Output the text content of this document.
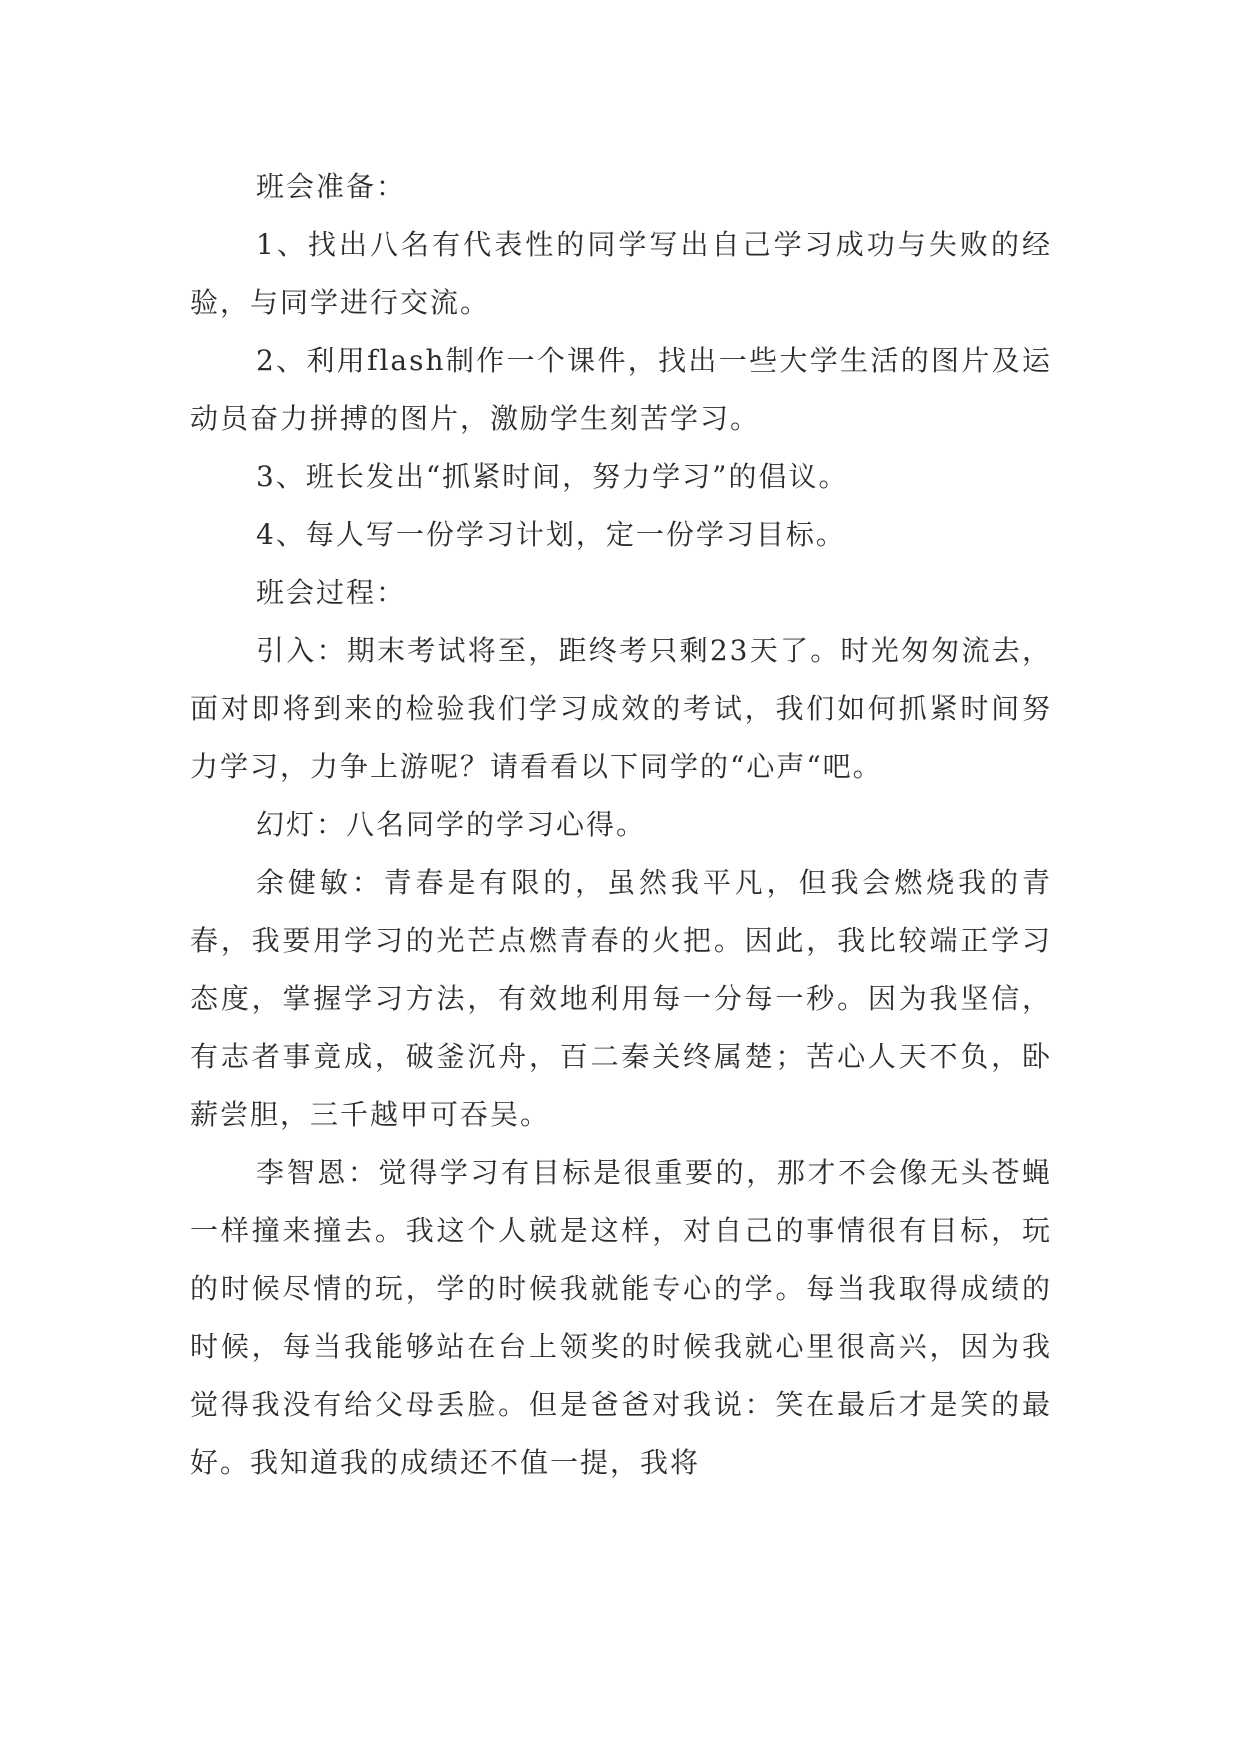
班会准备：

1、找出八名有代表性的同学写出自己学习成功与失败的经验，与同学进行交流。

2、利用flash制作一个课件，找出一些大学生活的图片及运动员奋力拼搏的图片，激励学生刻苦学习。

3、班长发出“抓紧时间，努力学习”的倡议。

4、每人写一份学习计划，定一份学习目标。

班会过程：

引入：期末考试将至，距终考只剩23天了。时光匆匆流去，面对即将到来的检验我们学习成效的考试，我们如何抓紧时间努力学习，力争上游呢？请看看以下同学的“心声“吧。

幻灯：八名同学的学习心得。

余健敏：青春是有限的，虽然我平凡，但我会燃烧我的青春，我要用学习的光芒点燃青春的火把。因此，我比较端正学习态度，掌握学习方法，有效地利用每一分每一秒。因为我坚信，有志者事竟成，破釜沉舟，百二秦关终属楚；苦心人天不负，卧薪尝胆，三千越甲可吞吴。

李智恩：觉得学习有目标是很重要的，那才不会像无头苍蝇一样撞来撞去。我这个人就是这样，对自己的事情很有目标，玩的时候尽情的玩，学的时候我就能专心的学。每当我取得成绩的时候，每当我能够站在台上领奖的时候我就心里很高兴，因为我觉得我没有给父母丢脸。但是爸爸对我说：笑在最后才是笑的最好。我知道我的成绩还不值一提，我将
